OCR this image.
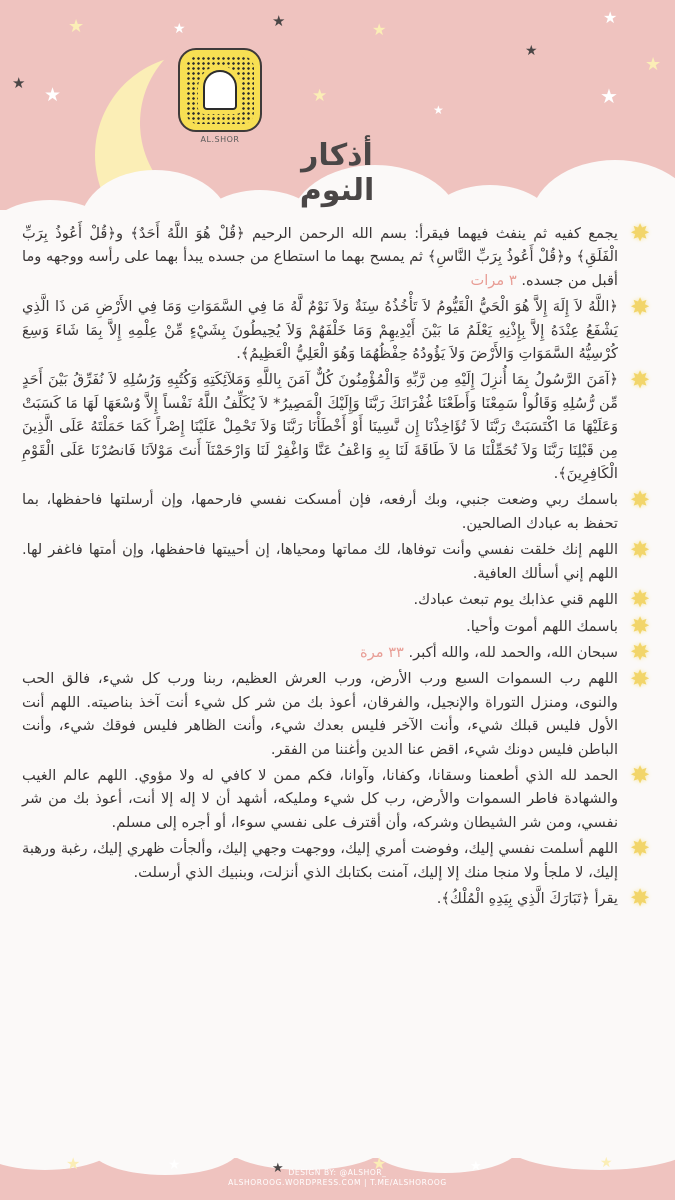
★	★	★	★
★
★
★
★
★	★
★
★
★	★	★	★	★	★
AL.SHOR	أذكار النوم

✸
يجمع كفيه ثم ينفث فيهما فيقرأ: بسم الله الرحمن الرحيم ﴿قُلْ هُوَ اللَّهُ أَحَدٌ﴾ و﴿قُلْ أَعُوذُ بِرَبِّ الْفَلَقِ﴾ و﴿قُلْ أَعُوذُ بِرَبِّ النَّاسِ﴾ ثم يمسح بهما ما استطاع من جسده يبدأ بهما على رأسه ووجهه وما أقبل من جسده. ٣ مرات

✸
﴿اللَّهُ لاَ إِلَهَ إِلاَّ هُوَ الْحَيُّ الْقَيُّومُ لاَ تَأْخُذُهُ سِنَةٌ وَلاَ نَوْمٌ لَّهُ مَا فِي السَّمَوَاتِ وَمَا فِي الأَرْضِ مَن ذَا الَّذِي يَشْفَعُ عِنْدَهُ إِلاَّ بِإِذْنِهِ يَعْلَمُ مَا بَيْنَ أَيْدِيهِمْ وَمَا خَلْفَهُمْ وَلاَ يُحِيطُونَ بِشَيْءٍ مِّنْ عِلْمِهِ إِلاَّ بِمَا شَاءَ وَسِعَ كُرْسِيُّهُ السَّمَوَاتِ وَالأَرْضَ وَلاَ يَؤُودُهُ حِفْظُهُمَا وَهُوَ الْعَلِيُّ الْعَظِيمُ﴾.

✸
﴿آمَنَ الرَّسُولُ بِمَا أُنزِلَ إِلَيْهِ مِن رَّبِّهِ وَالْمُؤْمِنُونَ كُلٌّ آمَنَ بِاللَّهِ وَمَلآئِكَتِهِ وَكُتُبِهِ وَرُسُلِهِ لاَ نُفَرِّقُ بَيْنَ أَحَدٍ مِّن رُّسُلِهِ وَقَالُواْ سَمِعْنَا وَأَطَعْنَا غُفْرَانَكَ رَبَّنَا وَإِلَيْكَ الْمَصِيرُ* لاَ يُكَلِّفُ اللَّهُ نَفْساً إِلاَّ وُسْعَهَا لَهَا مَا كَسَبَتْ وَعَلَيْهَا مَا اكْتَسَبَتْ رَبَّنَا لاَ تُؤَاخِذْنَا إِن نَّسِينَا أَوْ أَخْطَأْنَا رَبَّنَا وَلاَ تَحْمِلْ عَلَيْنَا إِصْراً كَمَا حَمَلْتَهُ عَلَى الَّذِينَ مِن قَبْلِنَا رَبَّنَا وَلاَ تُحَمِّلْنَا مَا لاَ طَاقَةَ لَنَا بِهِ وَاعْفُ عَنَّا وَاغْفِرْ لَنَا وَارْحَمْنَآ أَنتَ مَوْلاَنَا فَانصُرْنَا عَلَى الْقَوْمِ الْكَافِرِينَ﴾.

✸
باسمك ربي وضعت جنبي، وبك أرفعه، فإن أمسكت نفسي فارحمها، وإن أرسلتها فاحفظها، بما تحفظ به عبادك الصالحين.

✸
اللهم إنك خلقت نفسي وأنت توفاها، لك مماتها ومحياها، إن أحييتها فاحفظها، وإن أمتها فاغفر لها. اللهم إني أسألك العافية.

✸
اللهم قني عذابك يوم تبعث عبادك.

✸
باسمك اللهم أموت وأحيا.

✸
سبحان الله، والحمد لله، والله أكبر. ٣٣ مرة

✸
اللهم رب السموات السبع ورب الأرض، ورب العرش العظيم، ربنا ورب كل شيء، فالق الحب والنوى، ومنزل التوراة والإنجيل، والفرقان، أعوذ بك من شر كل شيء أنت آخذ بناصيته. اللهم أنت الأول فليس قبلك شيء، وأنت الآخر فليس بعدك شيء، وأنت الظاهر فليس فوقك شيء، وأنت الباطن فليس دونك شيء، اقض عنا الدين وأغننا من الفقر.

✸
الحمد لله الذي أطعمنا وسقانا، وكفانا، وآوانا، فكم ممن لا كافي له ولا مؤوي. اللهم عالم الغيب والشهادة فاطر السموات والأرض، رب كل شيء ومليكه، أشهد أن لا إله إلا أنت، أعوذ بك من شر نفسي، ومن شر الشيطان وشركه، وأن أقترف على نفسي سوءا، أو أجره إلى مسلم.

✸
اللهم أسلمت نفسي إليك، وفوضت أمري إليك، ووجهت وجهي إليك، وألجأت ظهري إليك، رغبة ورهبة إليك، لا ملجأ ولا منجا منك إلا إليك، آمنت بكتابك الذي أنزلت، وبنبيك الذي أرسلت.

✸
يقرأ ﴿تَبَارَكَ الَّذِي بِيَدِهِ الْمُلْكُ﴾.

DESIGN BY: @ALSHOR_
ALSHOROOG.WORDPRESS.COM | T.ME/ALSHOROOG
